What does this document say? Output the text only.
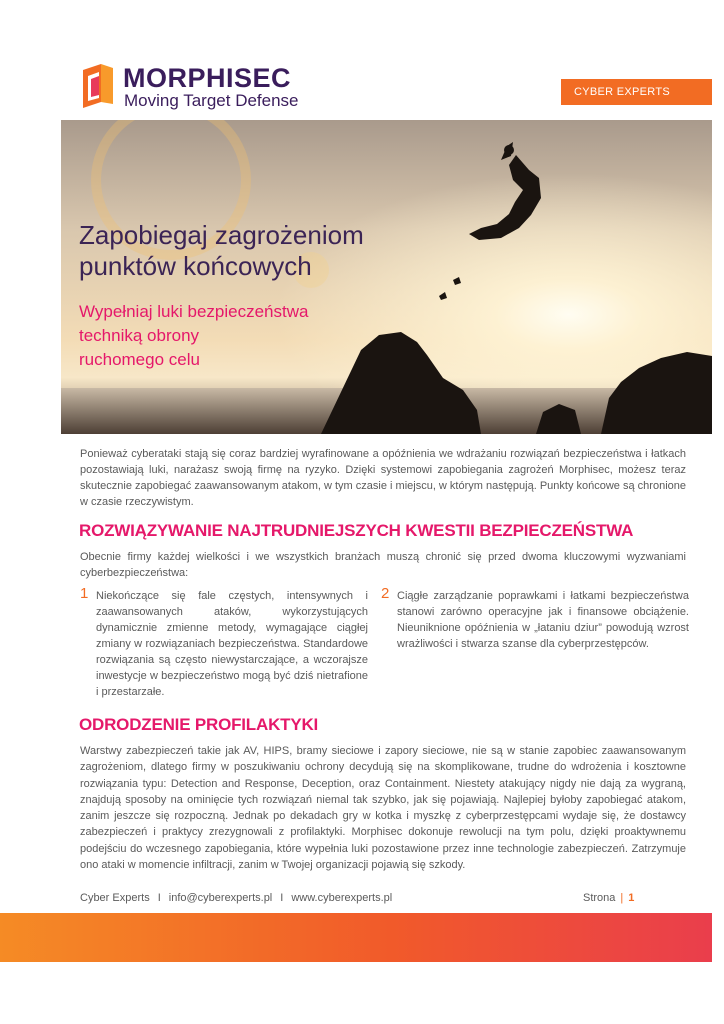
MORPHISEC
Moving Target Defense	CYBER EXPERTS
Zapobiegaj zagrożeniom
punktów końcowych
Wypełniaj luki bezpieczeństwa
techniką obrony
ruchomego celu

Ponieważ cyberataki stają się coraz bardziej wyrafinowane a opóźnienia we wdrażaniu rozwiązań bezpieczeństwa i łatkach pozostawiają luki, narażasz swoją firmę na ryzyko. Dzięki systemowi zapobiegania zagrożeń Morphisec, możesz teraz skutecznie zapobiegać zaawansowanym atakom, w tym czasie i miejscu, w którym następują. Punkty końcowe są chronione w czasie rzeczywistym.

ROZWIĄZYWANIE NAJTRUDNIEJSZYCH KWESTII BEZPIECZEŃSTWA

Obecnie firmy każdej wielkości i we wszystkich branżach muszą chronić się przed dwoma kluczowymi wyzwaniami cyberbezpieczeństwa:

1 Niekończące się fale częstych, intensywnych i zaawansowanych ataków, wykorzystujących dynamicznie zmienne metody, wymagające ciągłej zmiany w rozwiązaniach bezpieczeństwa. Standardowe rozwiązania są często niewystarczające, a wczorajsze inwestycje w bezpieczeństwo mogą być dziś nietrafione i przestarzałe.

2 Ciągłe zarządzanie poprawkami i łatkami bezpieczeństwa stanowi zarówno operacyjne jak i finansowe obciążenie. Nieuniknione opóźnienia w „łataniu dziur” powodują wzrost wrażliwości i stwarza szanse dla cyberprzestępców.

ODRODZENIE PROFILAKTYKI

Warstwy zabezpieczeń takie jak AV, HIPS, bramy sieciowe i zapory sieciowe, nie są w stanie zapobiec zaawansowanym zagrożeniom, dlatego firmy w poszukiwaniu ochrony decydują się na skomplikowane, trudne do wdrożenia i kosztowne rozwiązania typu: Detection and Response, Deception, oraz Containment. Niestety atakujący nigdy nie dają za wygraną, znajdują sposoby na ominięcie tych rozwiązań niemal tak szybko, jak się pojawiają. Najlepiej byłoby zapobiegać atakom, zanim jeszcze się rozpoczną. Jednak po dekadach gry w kotka i myszkę z cyberprzestępcami wydaje się, że dostawcy zabezpieczeń i praktycy zrezygnowali z profilaktyki. Morphisec dokonuje rewolucji na tym polu, dzięki proaktywnemu podejściu do wczesnego zapobiegania, które wypełnia luki pozostawione przez inne technologie zabezpieczeń. Zatrzymuje ono ataki w momencie infiltracji, zanim w Twojej organizacji pojawią się szkody.

Cyber Experts I info@cyberexperts.pl I www.cyberexperts.pl	Strona | 1
